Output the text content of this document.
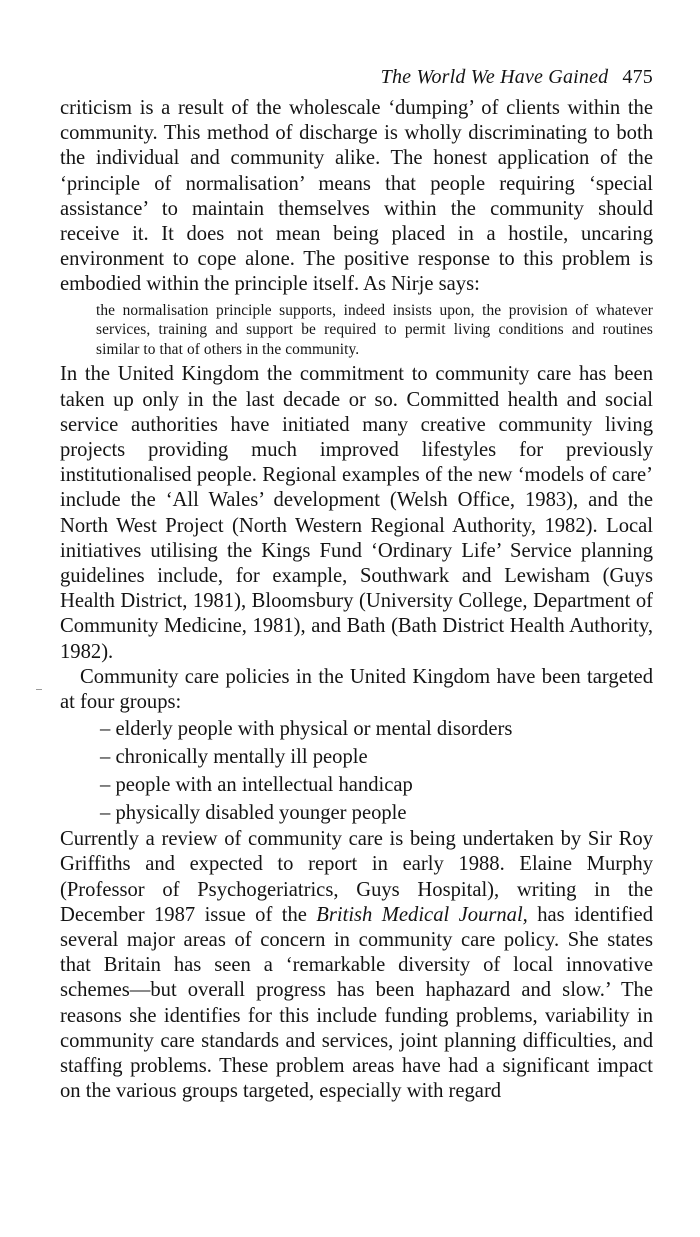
The World We Have Gained 475

criticism is a result of the wholescale ‘dumping’ of clients within the community. This method of discharge is wholly discriminating to both the individual and community alike. The honest application of the ‘principle of normalisation’ means that people requiring ‘special assistance’ to maintain themselves within the community should receive it. It does not mean being placed in a hostile, uncaring environment to cope alone. The positive response to this problem is embodied within the principle itself. As Nirje says:

the normalisation principle supports, indeed insists upon, the provision of whatever services, training and support be required to permit living conditions and routines similar to that of others in the community.

In the United Kingdom the commitment to community care has been taken up only in the last decade or so. Committed health and social service authorities have initiated many creative community living projects providing much improved lifestyles for previously institutionalised people. Regional examples of the new ‘models of care’ include the ‘All Wales’ development (Welsh Office, 1983), and the North West Project (North Western Regional Authority, 1982). Local initiatives utilising the Kings Fund ‘Ordinary Life’ Service planning guidelines include, for example, Southwark and Lewisham (Guys Health District, 1981), Bloomsbury (University College, Department of Community Medicine, 1981), and Bath (Bath District Health Authority, 1982).

Community care policies in the United Kingdom have been targeted at four groups:

– elderly people with physical or mental disorders
– chronically mentally ill people
– people with an intellectual handicap
– physically disabled younger people

Currently a review of community care is being undertaken by Sir Roy Griffiths and expected to report in early 1988. Elaine Murphy (Professor of Psychogeriatrics, Guys Hospital), writing in the December 1987 issue of the British Medical Journal, has identified several major areas of concern in community care policy. She states that Britain has seen a ‘remarkable diversity of local innovative schemes—but overall progress has been haphazard and slow.’ The reasons she identifies for this include funding problems, variability in community care standards and services, joint planning difficulties, and staffing problems. These problem areas have had a significant impact on the various groups targeted, especially with regard
